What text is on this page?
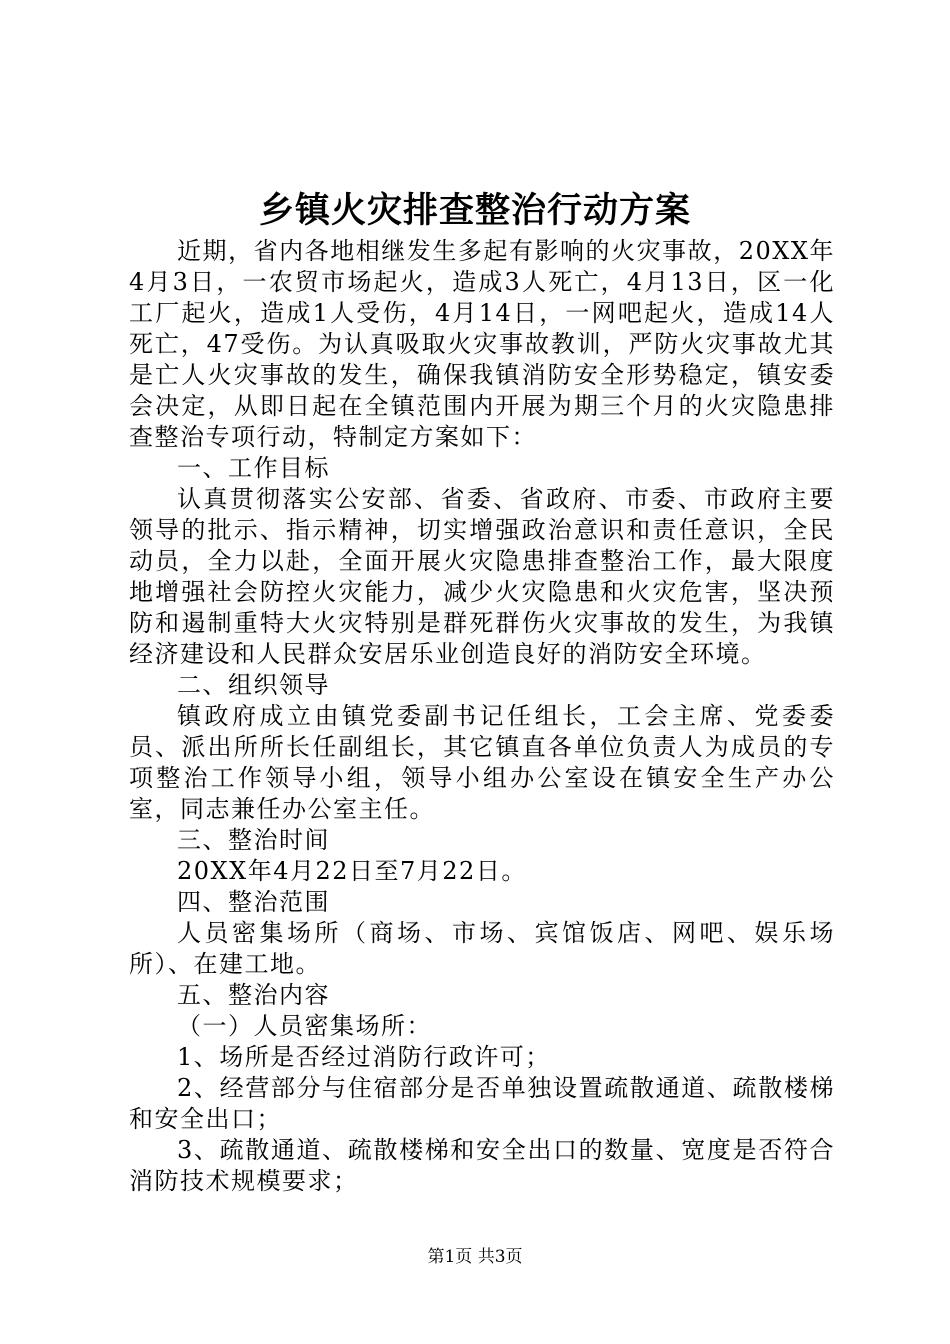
乡镇火灾排查整治行动方案

近期，省内各地相继发生多起有影响的火灾事故，20XX年4月3日，一农贸市场起火，造成3人死亡，4月13日，区一化工厂起火，造成1人受伤，4月14日，一网吧起火，造成14人死亡，47受伤。为认真吸取火灾事故教训，严防火灾事故尤其是亡人火灾事故的发生，确保我镇消防安全形势稳定，镇安委会决定，从即日起在全镇范围内开展为期三个月的火灾隐患排查整治专项行动，特制定方案如下：

一、工作目标

认真贯彻落实公安部、省委、省政府、市委、市政府主要领导的批示、指示精神，切实增强政治意识和责任意识，全民动员，全力以赴，全面开展火灾隐患排查整治工作，最大限度地增强社会防控火灾能力，减少火灾隐患和火灾危害，坚决预防和遏制重特大火灾特别是群死群伤火灾事故的发生，为我镇经济建设和人民群众安居乐业创造良好的消防安全环境。

二、组织领导

镇政府成立由镇党委副书记任组长，工会主席、党委委员、派出所所长任副组长，其它镇直各单位负责人为成员的专项整治工作领导小组，领导小组办公室设在镇安全生产办公室，同志兼任办公室主任。

三、整治时间

20XX年4月22日至7月22日。

四、整治范围

人员密集场所（商场、市场、宾馆饭店、网吧、娱乐场所）、在建工地。

五、整治内容

（一）人员密集场所：

1、场所是否经过消防行政许可；

2、经营部分与住宿部分是否单独设置疏散通道、疏散楼梯和安全出口；

3、疏散通道、疏散楼梯和安全出口的数量、宽度是否符合消防技术规模要求；

第1页 共3页
